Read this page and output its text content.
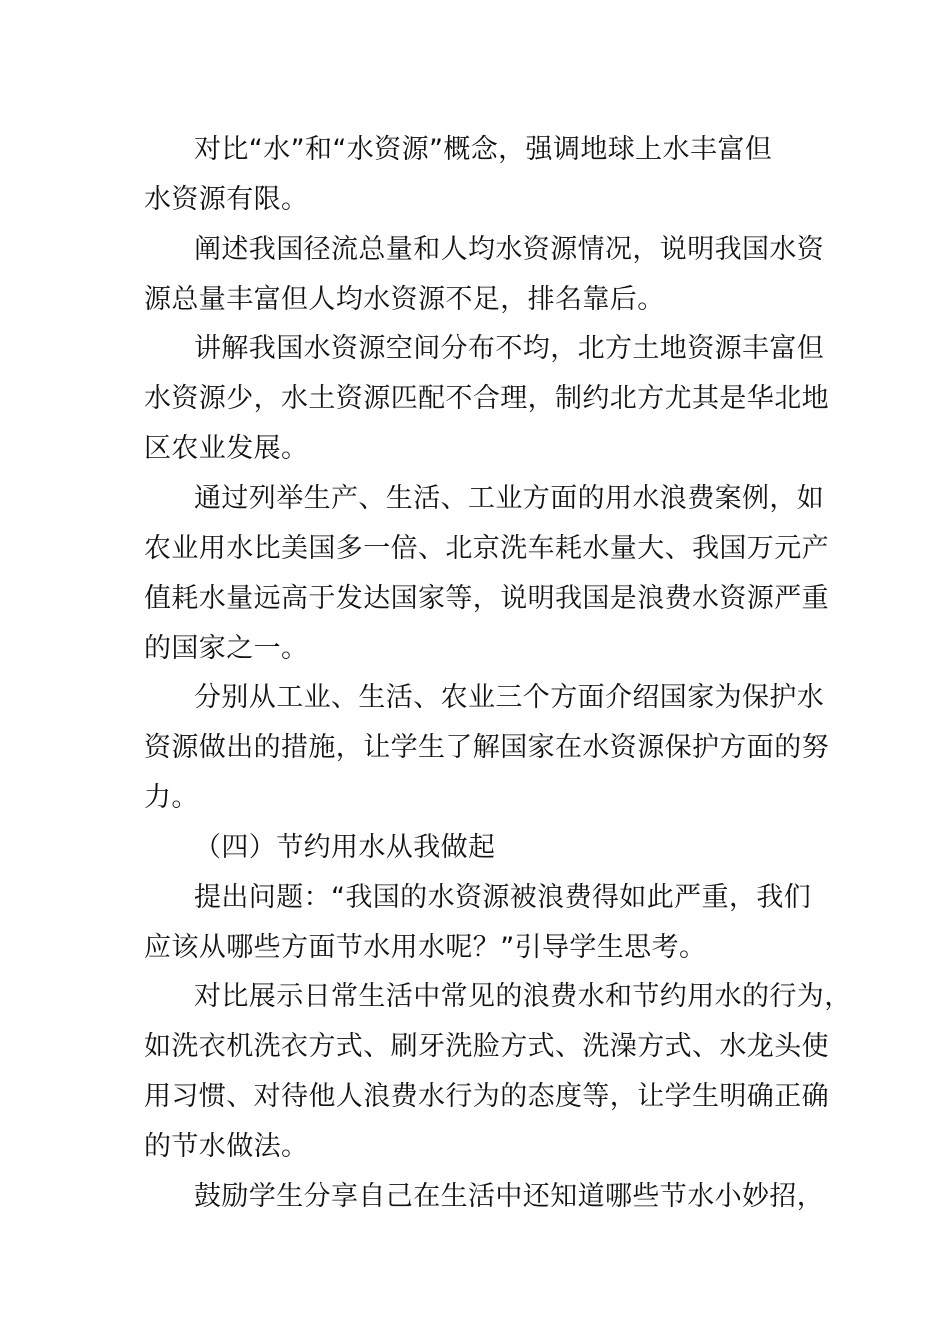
对比“水”和“水资源”概念，强调地球上水丰富但
水资源有限。
阐述我国径流总量和人均水资源情况，说明我国水资
源总量丰富但人均水资源不足，排名靠后。
讲解我国水资源空间分布不均，北方土地资源丰富但
水资源少，水土资源匹配不合理，制约北方尤其是华北地
区农业发展。
通过列举生产、生活、工业方面的用水浪费案例，如
农业用水比美国多一倍、北京洗车耗水量大、我国万元产
值耗水量远高于发达国家等，说明我国是浪费水资源严重
的国家之一。
分别从工业、生活、农业三个方面介绍国家为保护水
资源做出的措施，让学生了解国家在水资源保护方面的努
力。
（四）节约用水从我做起
提出问题：“我国的水资源被浪费得如此严重，我们
应该从哪些方面节水用水呢？”引导学生思考。
对比展示日常生活中常见的浪费水和节约用水的行为，
如洗衣机洗衣方式、刷牙洗脸方式、洗澡方式、水龙头使
用习惯、对待他人浪费水行为的态度等，让学生明确正确
的节水做法。
鼓励学生分享自己在生活中还知道哪些节水小妙招，
